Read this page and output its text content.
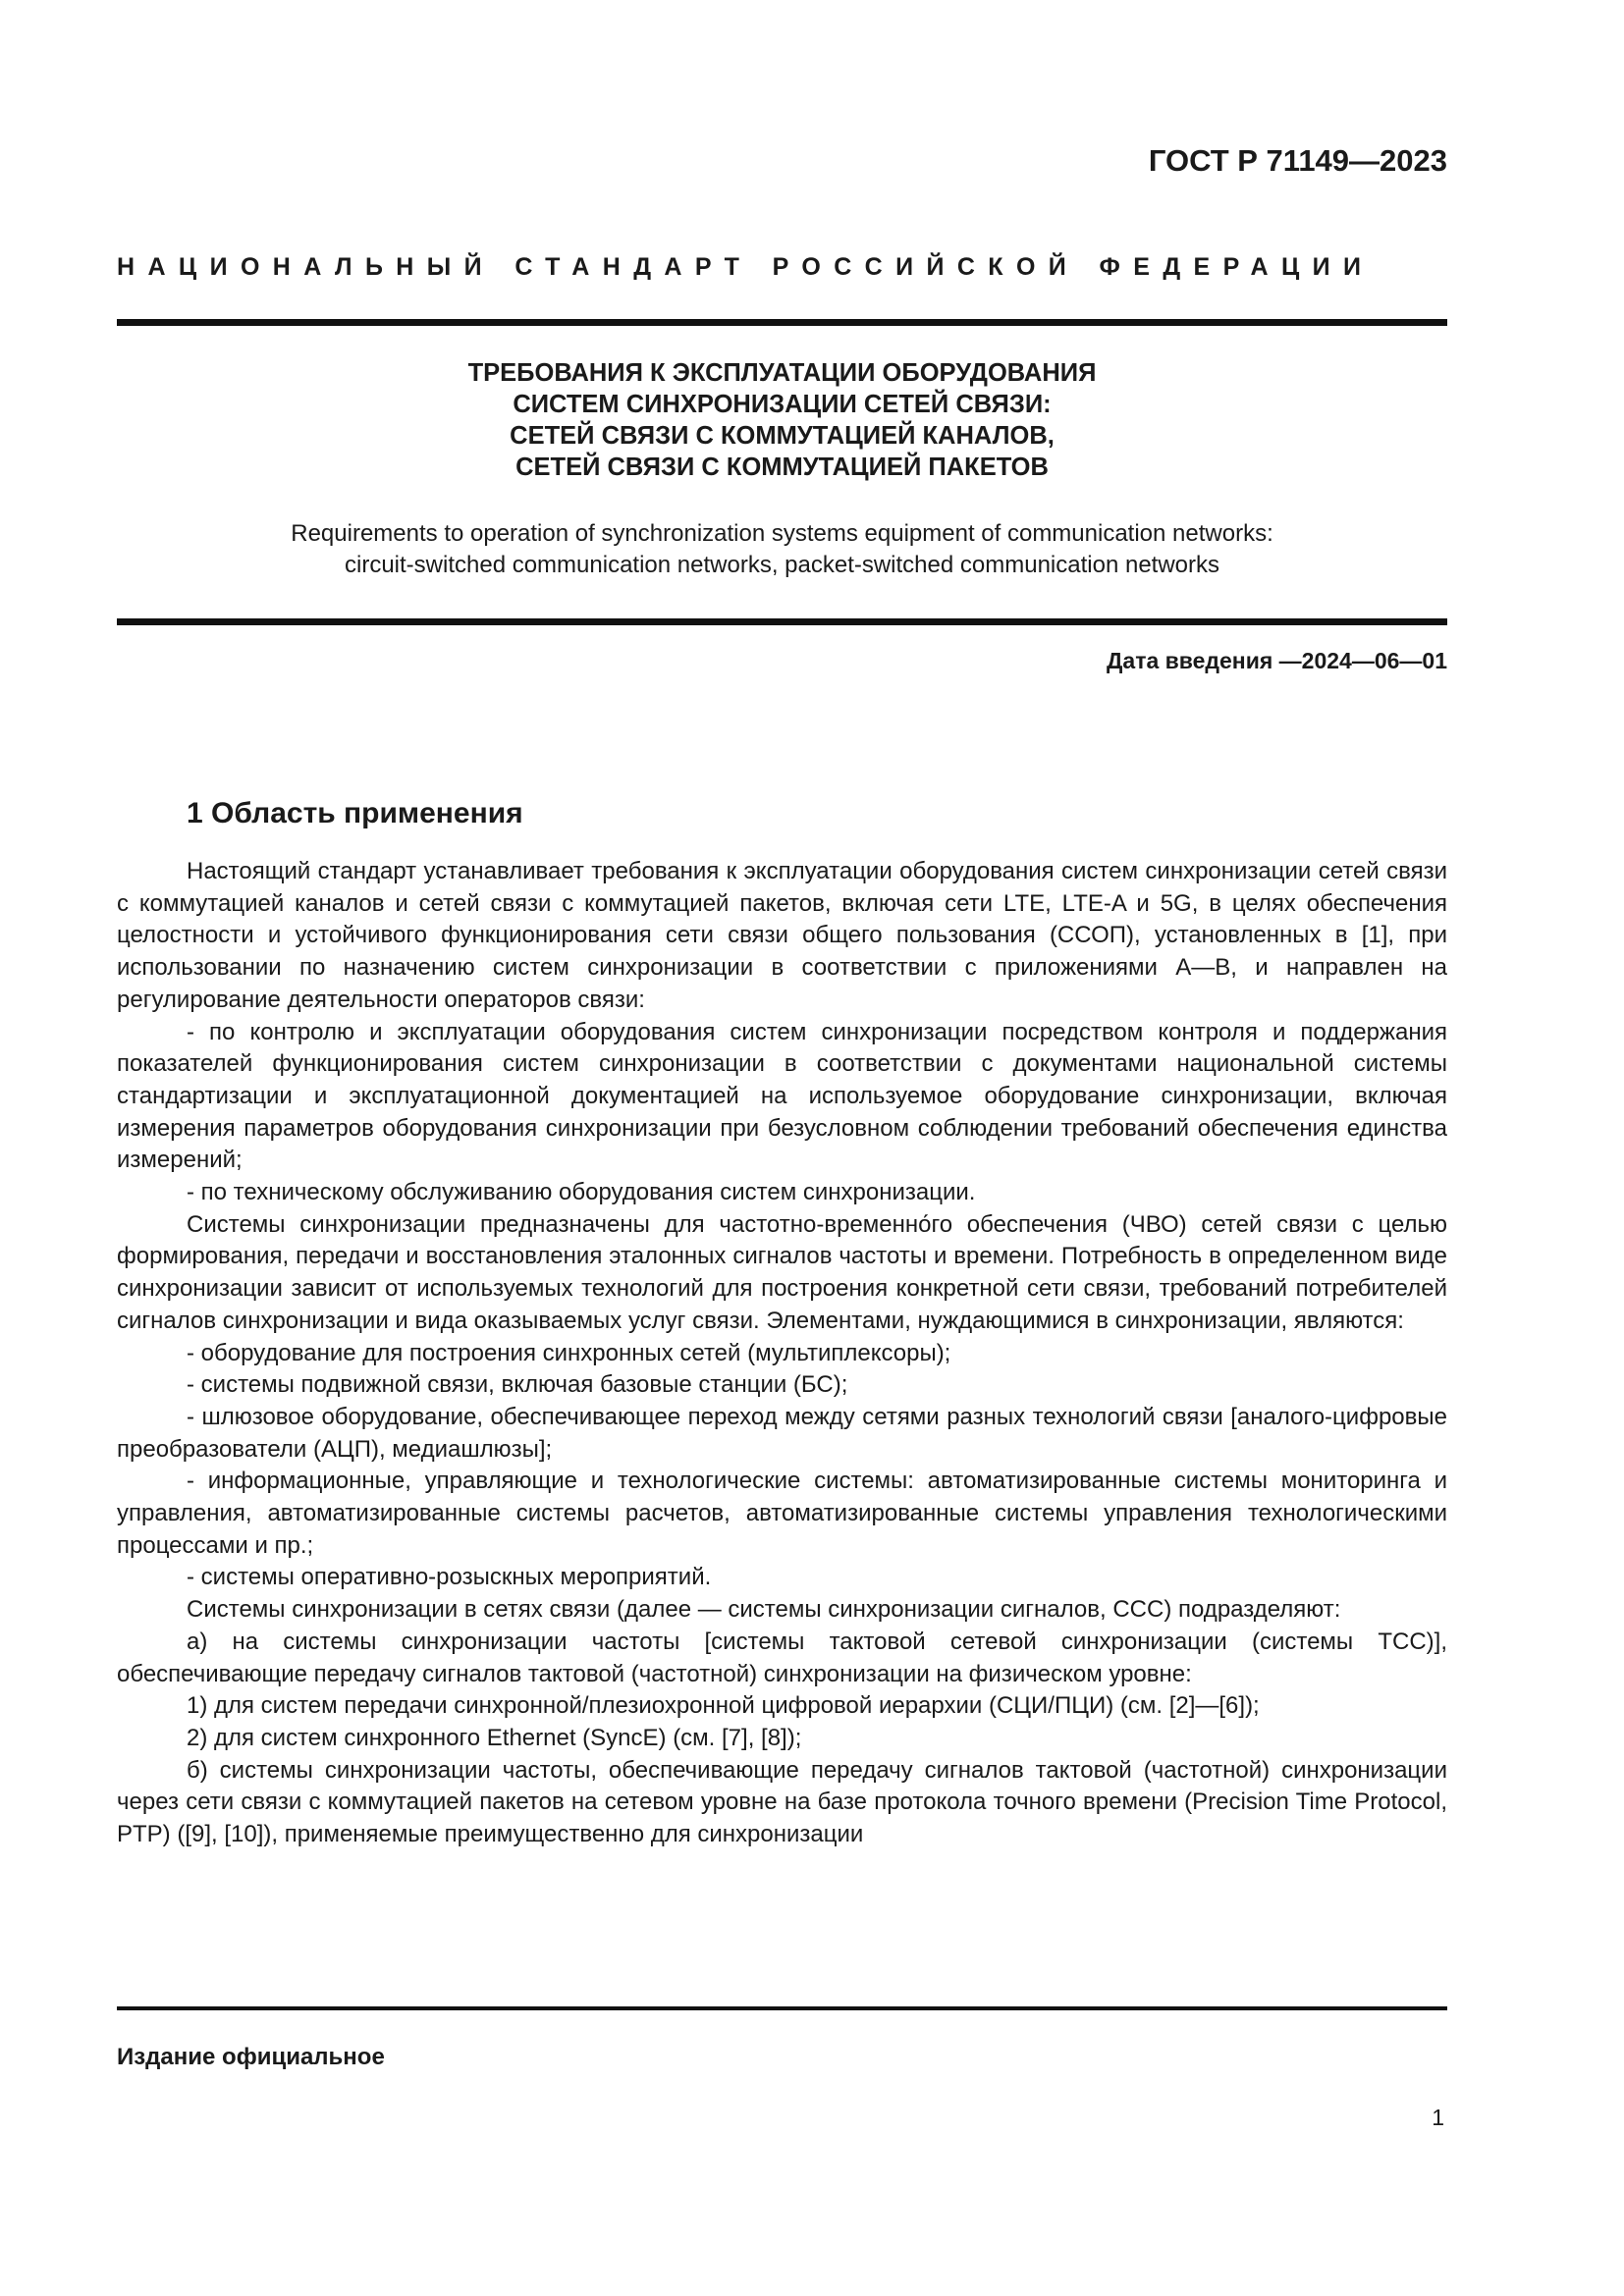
ГОСТ Р 71149—2023
НАЦИОНАЛЬНЫЙ СТАНДАРТ РОССИЙСКОЙ ФЕДЕРАЦИИ
ТРЕБОВАНИЯ К ЭКСПЛУАТАЦИИ ОБОРУДОВАНИЯ
СИСТЕМ СИНХРОНИЗАЦИИ СЕТЕЙ СВЯЗИ:
СЕТЕЙ СВЯЗИ С КОММУТАЦИЕЙ КАНАЛОВ,
СЕТЕЙ СВЯЗИ С КОММУТАЦИЕЙ ПАКЕТОВ
Requirements to operation of synchronization systems equipment of communication networks:
circuit-switched communication networks, packet-switched communication networks
Дата введения —2024—06—01
1 Область применения

Настоящий стандарт устанавливает требования к эксплуатации оборудования систем синхронизации сетей связи с коммутацией каналов и сетей связи с коммутацией пакетов, включая сети LTE, LTE-A и 5G, в целях обеспечения целостности и устойчивого функционирования сети связи общего пользования (ССОП), установленных в [1], при использовании по назначению систем синхронизации в соответствии с приложениями А—В, и направлен на регулирование деятельности операторов связи:

- по контролю и эксплуатации оборудования систем синхронизации посредством контроля и поддержания показателей функционирования систем синхронизации в соответствии с документами национальной системы стандартизации и эксплуатационной документацией на используемое оборудование синхронизации, включая измерения параметров оборудования синхронизации при безусловном соблюдении требований обеспечения единства измерений;

- по техническому обслуживанию оборудования систем синхронизации.

Системы синхронизации предназначены для частотно-временно́го обеспечения (ЧВО) сетей связи с целью формирования, передачи и восстановления эталонных сигналов частоты и времени. Потребность в определенном виде синхронизации зависит от используемых технологий для построения конкретной сети связи, требований потребителей сигналов синхронизации и вида оказываемых услуг связи. Элементами, нуждающимися в синхронизации, являются:

- оборудование для построения синхронных сетей (мультиплексоры);

- системы подвижной связи, включая базовые станции (БС);

- шлюзовое оборудование, обеспечивающее переход между сетями разных технологий связи [аналого-цифровые преобразователи (АЦП), медиашлюзы];

- информационные, управляющие и технологические системы: автоматизированные системы мониторинга и управления, автоматизированные системы расчетов, автоматизированные системы управления технологическими процессами и пр.;

- системы оперативно-розыскных мероприятий.

Системы синхронизации в сетях связи (далее — системы синхронизации сигналов, ССС) подразделяют:

а) на системы синхронизации частоты [системы тактовой сетевой синхронизации (системы ТСС)], обеспечивающие передачу сигналов тактовой (частотной) синхронизации на физическом уровне:

1) для систем передачи синхронной/плезиохронной цифровой иерархии (СЦИ/ПЦИ) (см. [2]—[6]);

2) для систем синхронного Ethernet (SyncE) (см. [7], [8]);

б) системы синхронизации частоты, обеспечивающие передачу сигналов тактовой (частотной) синхронизации через сети связи с коммутацией пакетов на сетевом уровне на базе протокола точного времени (Precision Time Protocol, PTP) ([9], [10]), применяемые преимущественно для синхронизации

Издание официальное
1
